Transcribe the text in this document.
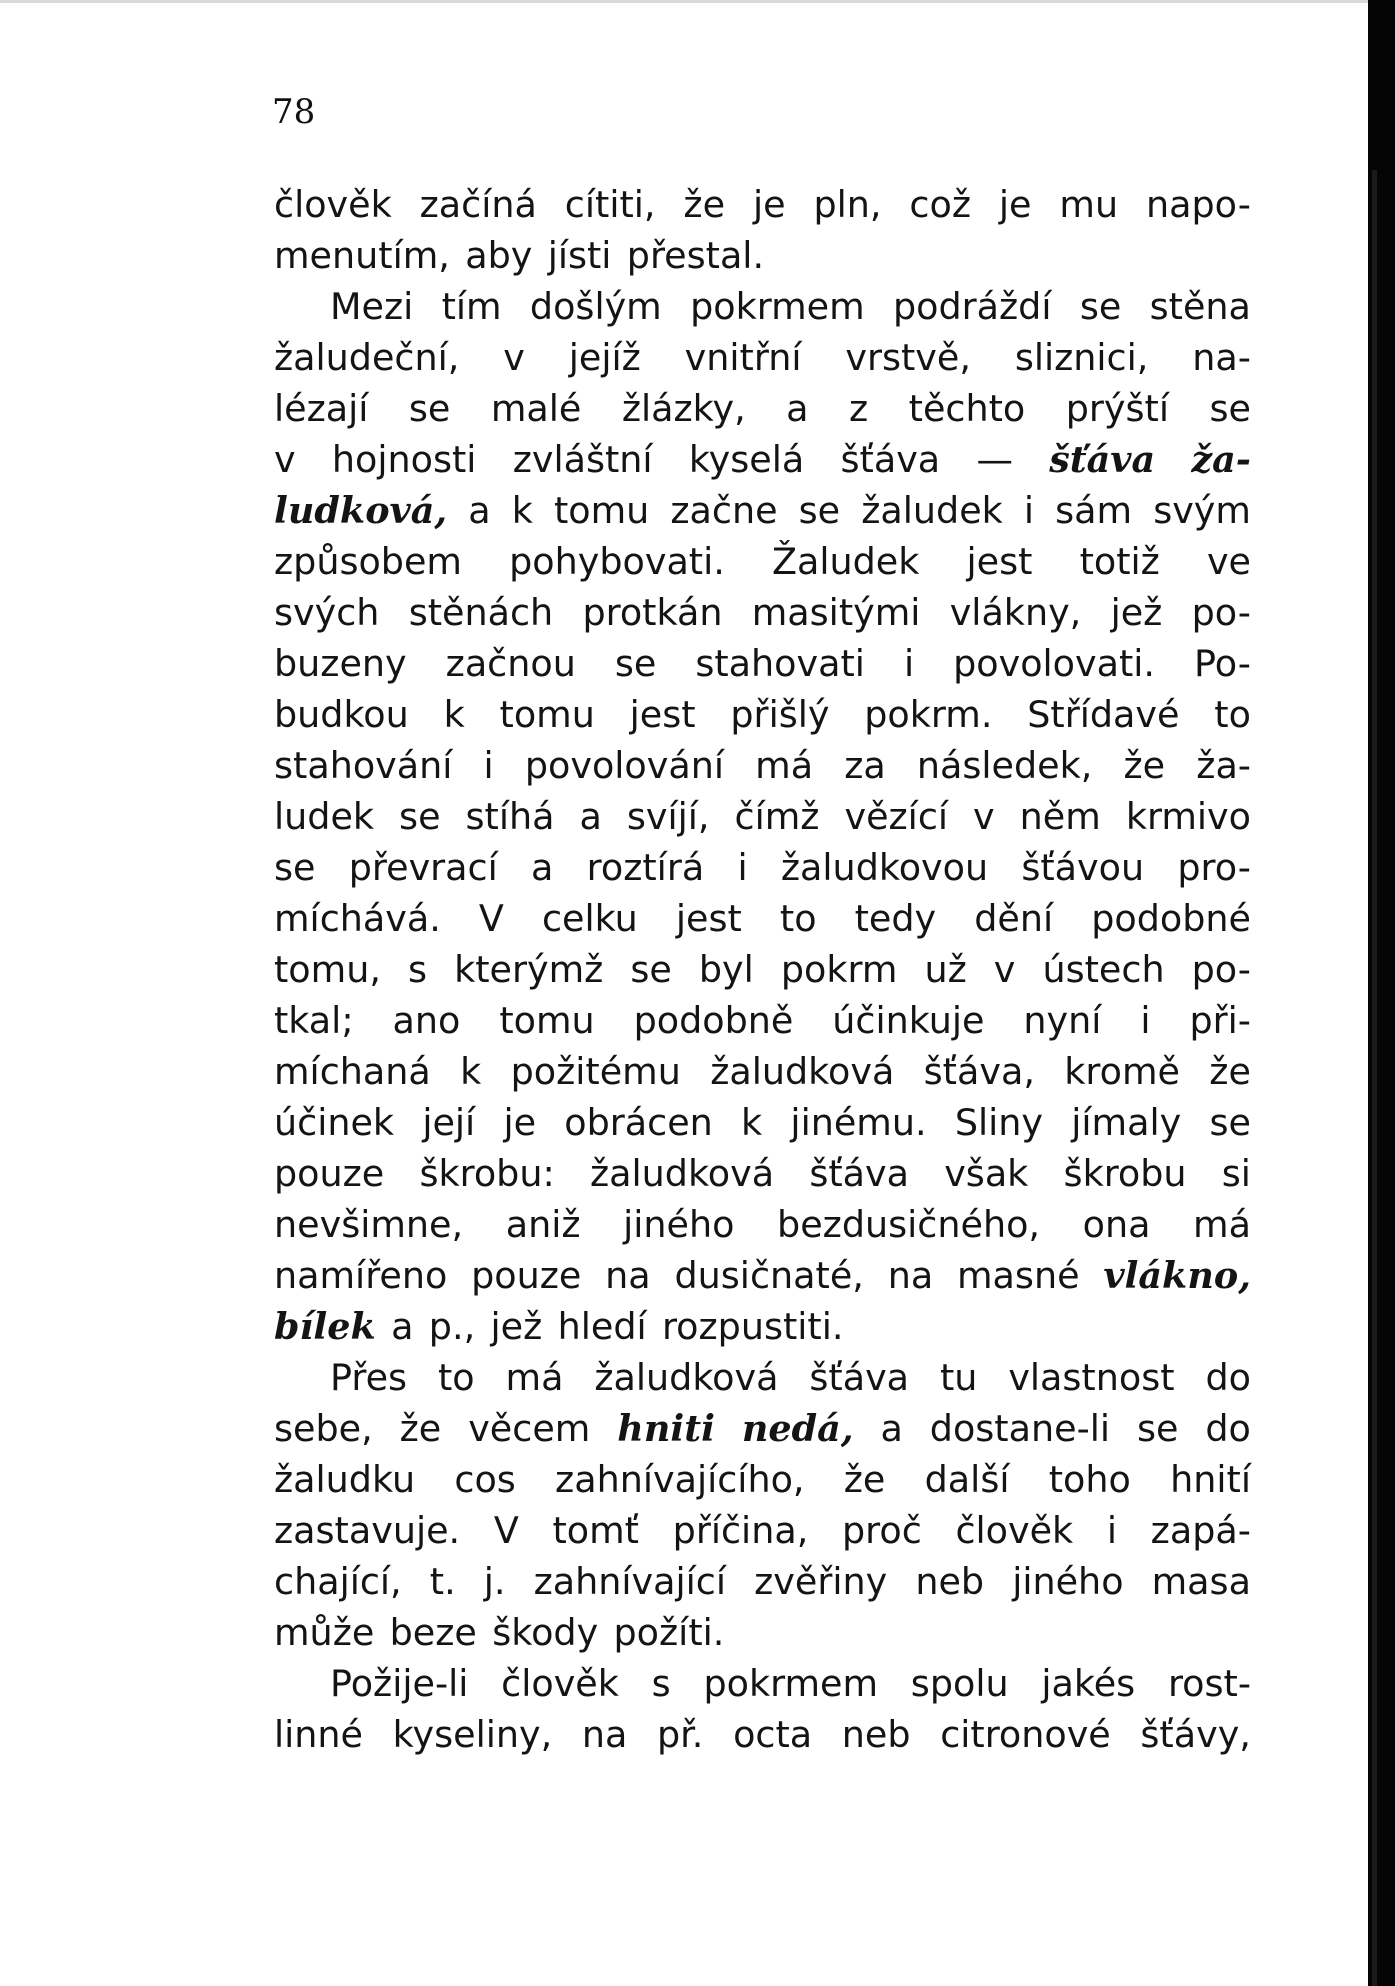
78
člověk začíná cítiti, že je pln, což je mu napo-
menutím, aby jísti přestal.
Mezi tím došlým pokrmem podráždí se stěna
žaludeční, v jejíž vnitřní vrstvě, sliznici, na-
lézají se malé žlázky, a z těchto prýští se
v hojnosti zvláštní kyselá šťáva — šťáva ža-
ludková, a k tomu začne se žaludek i sám svým
způsobem pohybovati. Žaludek jest totiž ve
svých stěnách protkán masitými vlákny, jež po-
buzeny začnou se stahovati i povolovati. Po-
budkou k tomu jest přišlý pokrm. Střídavé to
stahování i povolování má za následek, že ža-
ludek se stíhá a svíjí, čímž vězící v něm krmivo
se převrací a roztírá i žaludkovou šťávou pro-
míchává. V celku jest to tedy dění podobné
tomu, s kterýmž se byl pokrm už v ústech po-
tkal; ano tomu podobně účinkuje nyní i při-
míchaná k požitému žaludková šťáva, kromě že
účinek její je obrácen k jinému. Sliny jímaly se
pouze škrobu: žaludková šťáva však škrobu si
nevšimne, aniž jiného bezdusičného, ona má
namířeno pouze na dusičnaté, na masné vlákno,
bílek a p., jež hledí rozpustiti.
Přes to má žaludková šťáva tu vlastnost do
sebe, že věcem hniti nedá, a dostane-li se do
žaludku cos zahnívajícího, že další toho hnití
zastavuje. V tomť příčina, proč člověk i zapá-
chající, t. j. zahnívající zvěřiny neb jiného masa
může beze škody požíti.
Požije-li člověk s pokrmem spolu jakés rost-
linné kyseliny, na př. octa neb citronové šťávy,
